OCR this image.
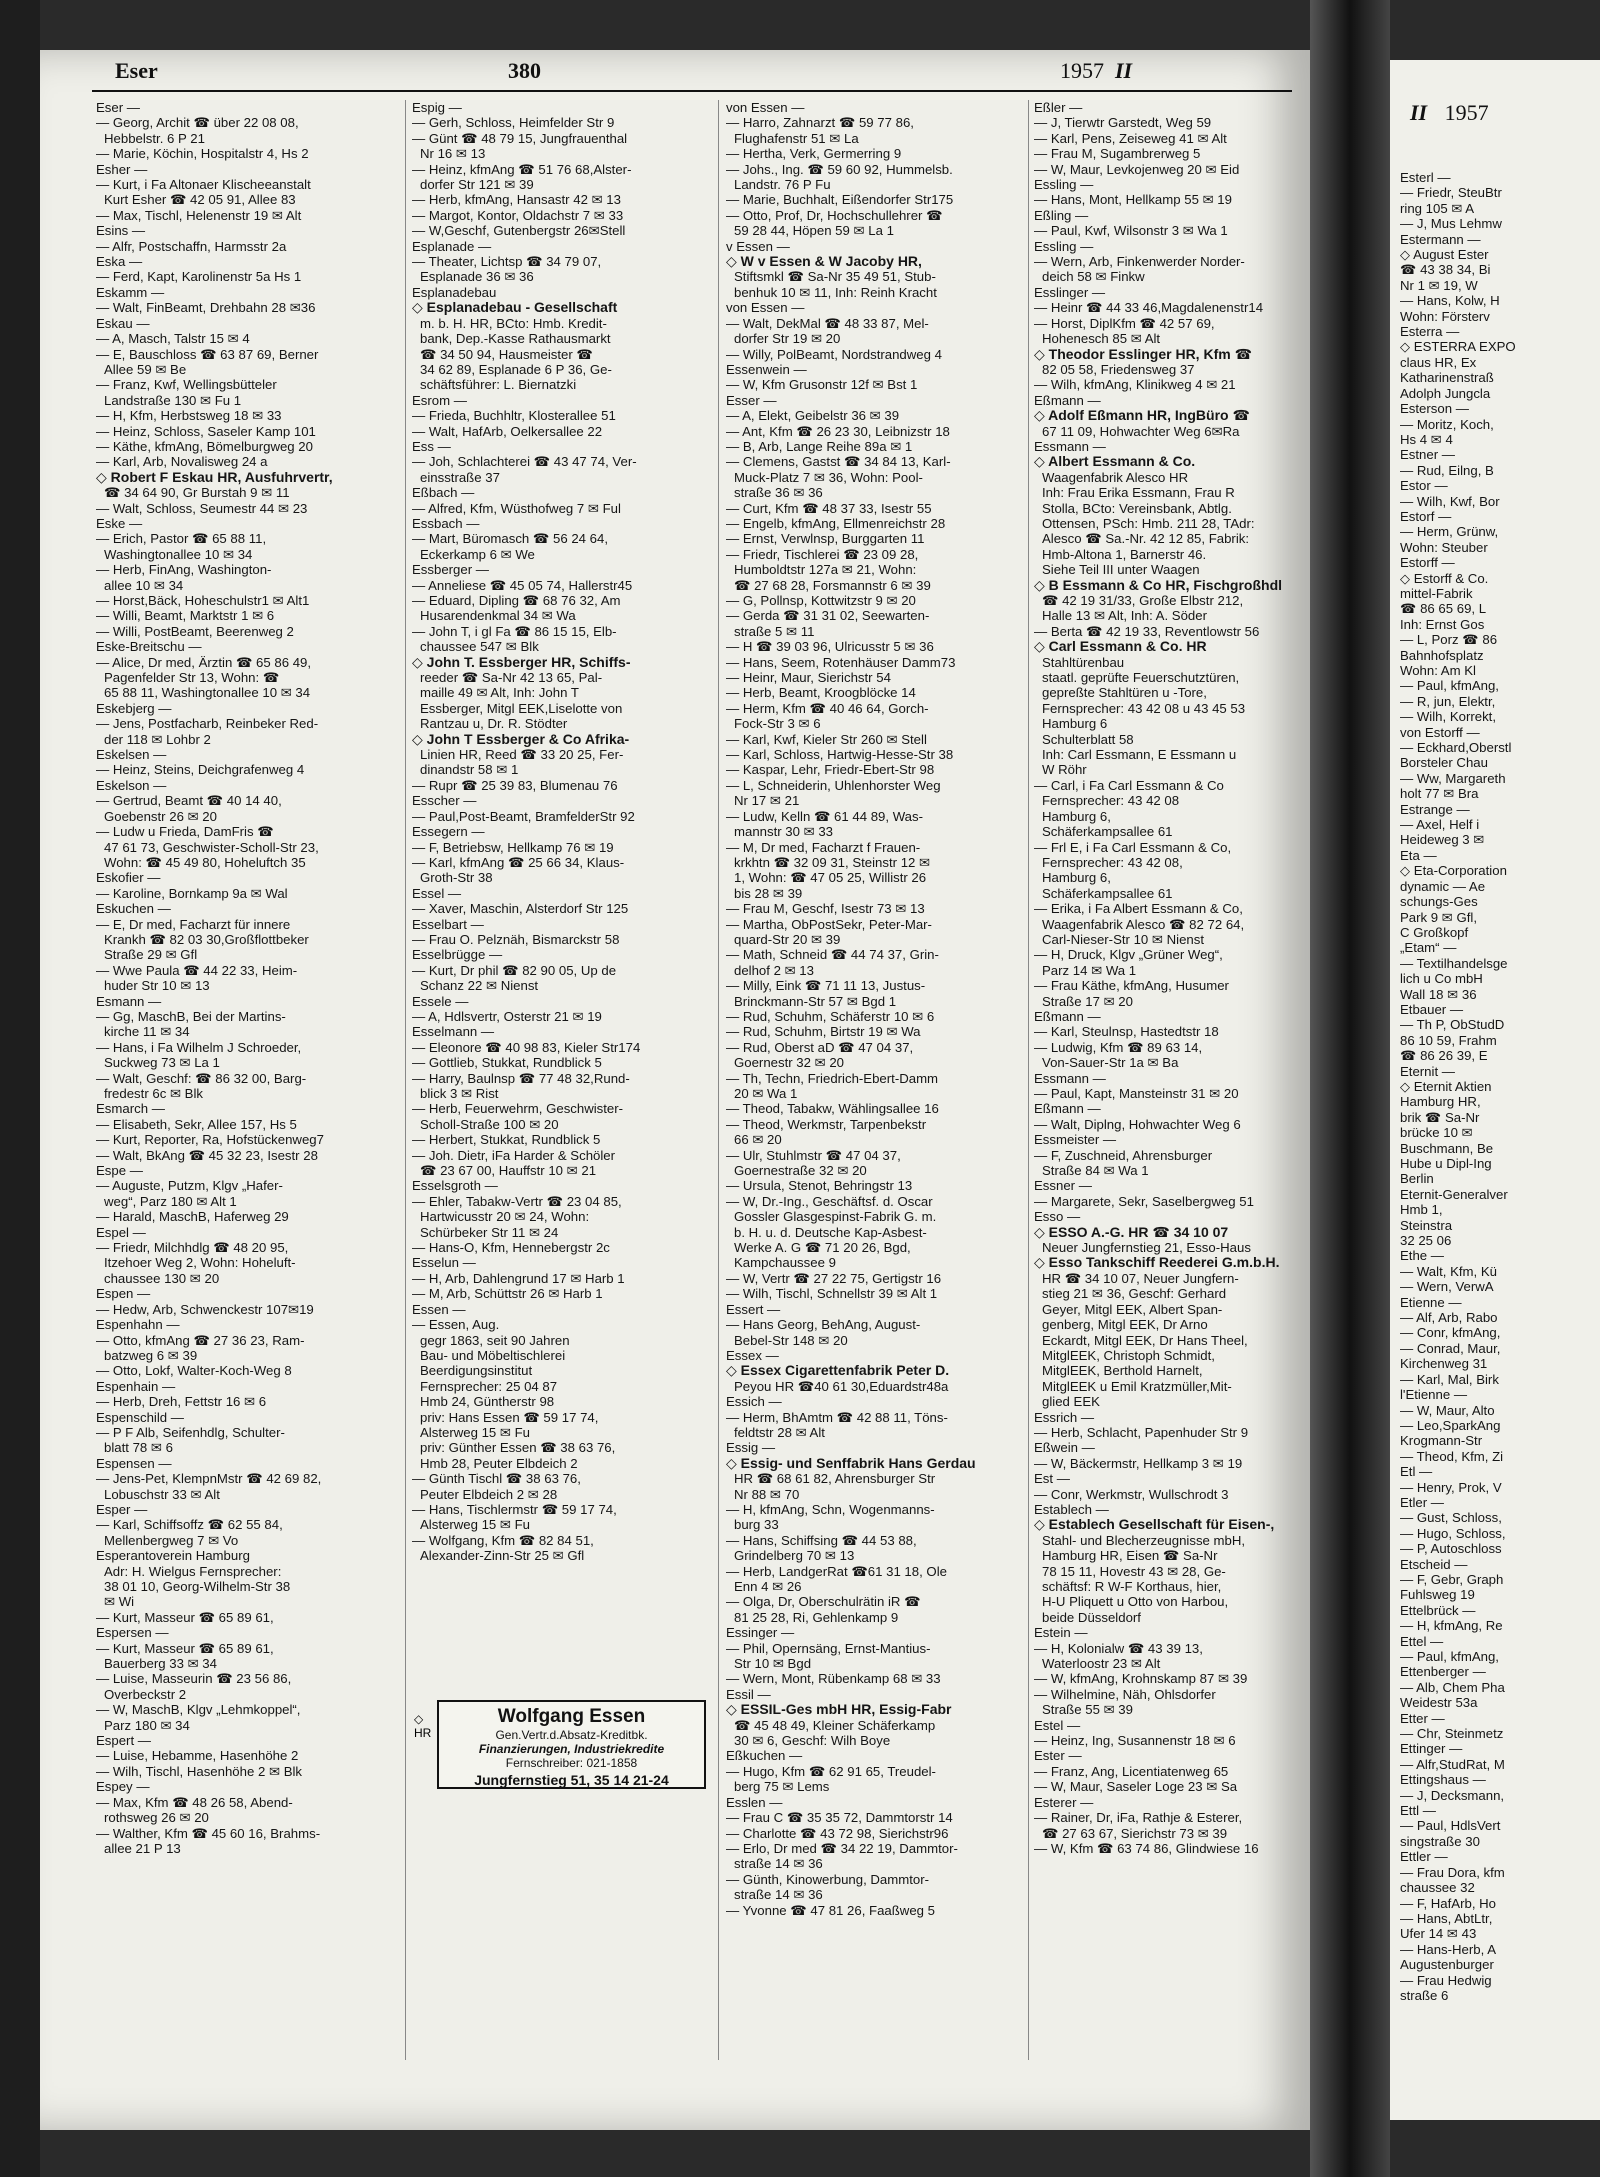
II 1957
Esterl —
— Friedr, SteuBtr
ring 105 ✉ A
— J, Mus Lehmw
Estermann —
◇ August Ester
☎ 43 38 34, Bi
Nr 1 ✉ 19, W
— Hans, Kolw, H
Wohn: Försterv
Esterra —
◇ ESTERRA EXPO
claus HR, Ex
Katharinenstraß
Adolph Jungcla
Esterson —
— Moritz, Koch,
Hs 4 ✉ 4
Estner —
— Rud, Eilng, B
Estor —
— Wilh, Kwf, Bor
Estorf —
— Herm, Grünw,
Wohn: Steuber
Estorff —
◇ Estorff & Co.
mittel-Fabrik
☎ 86 65 69, L
Inh: Ernst Gos
— L, Porz ☎ 86
Bahnhofsplatz
Wohn: Am Kl
— Paul, kfmAng,
— R, jun, Elektr,
— Wilh, Korrekt,
von Estorff —
— Eckhard,Oberstl
Borsteler Chau
— Ww, Margareth
holt 77 ✉ Bra
Estrange —
— Axel, Helf i
Heideweg 3 ✉
Eta —
◇ Eta-Corporation
dynamic — Ae
schungs-Ges
Park 9 ✉ Gfl,
C Großkopf
„Etam“ —
— Textilhandelsge
lich u Co mbH
Wall 18 ✉ 36
Etbauer —
— Th P, ObStudD
86 10 59, Frahm
☎ 86 26 39, E
Eternit —
◇ Eternit Aktien
Hamburg HR,
brik ☎ Sa-Nr
brücke 10 ✉
Buschmann, Be
Hube u Dipl-Ing
Berlin
Eternit-Generalver
Hmb 1,
Steinstra
32 25 06
Ethe —
— Walt, Kfm, Kü
— Wern, VerwA
Etienne —
— Alf, Arb, Rabo
— Conr, kfmAng,
— Conrad, Maur,
Kirchenweg 31
— Karl, Mal, Birk
l'Etienne —
— W, Maur, Alto
— Leo,SparkAng
Krogmann-Str
— Theod, Kfm, Zi
Etl —
— Henry, Prok, V
Etler —
— Gust, Schloss,
— Hugo, Schloss,
— P, Autoschloss
Etscheid —
— F, Gebr, Graph
Fuhlsweg 19
Ettelbrück —
— H, kfmAng, Re
Ettel —
— Paul, kfmAng,
Ettenberger —
— Alb, Chem Pha
Weidestr 53a
Etter —
— Chr, Steinmetz
Ettinger —
— Alfr,StudRat, M
Ettingshaus —
— J, Decksmann,
Ettl —
— Paul, HdlsVert
singstraße 30
Ettler —
— Frau Dora, kfm
chaussee 32
— F, HafArb, Ho
— Hans, AbtLtr,
Ufer 14 ✉ 43
— Hans-Herb, A
Augustenburger
— Frau Hedwig
straße 6
Eser	380	1957 II
Eser —
— Georg, Archit ☎ über 22 08 08,
Hebbelstr. 6 P 21
— Marie, Köchin, Hospitalstr 4, Hs 2
Esher —
— Kurt, i Fa Altonaer Klischeeanstalt
Kurt Esher ☎ 42 05 91, Allee 83
— Max, Tischl, Helenenstr 19 ✉ Alt
Esins —
— Alfr, Postschaffn, Harmsstr 2a
Eska —
— Ferd, Kapt, Karolinenstr 5a Hs 1
Eskamm —
— Walt, FinBeamt, Drehbahn 28 ✉36
Eskau —
— A, Masch, Talstr 15 ✉ 4
— E, Bauschloss ☎ 63 87 69, Berner
Allee 59 ✉ Be
— Franz, Kwf, Wellingsbütteler
Landstraße 130 ✉ Fu 1
— H, Kfm, Herbstsweg 18 ✉ 33
— Heinz, Schloss, Saseler Kamp 101
— Käthe, kfmAng, Bömelburgweg 20
— Karl, Arb, Novalisweg 24 a
◇ Robert F Eskau HR, Ausfuhrvertr,
☎ 34 64 90, Gr Burstah 9 ✉ 11
— Walt, Schloss, Seumestr 44 ✉ 23
Eske —
— Erich, Pastor ☎ 65 88 11,
Washingtonallee 10 ✉ 34
— Herb, FinAng, Washington-
allee 10 ✉ 34
— Horst,Bäck, Hoheschulstr1 ✉ Alt1
— Willi, Beamt, Marktstr 1 ✉ 6
— Willi, PostBeamt, Beerenweg 2
Eske-Breitschu —
— Alice, Dr med, Ärztin ☎ 65 86 49,
Pagenfelder Str 13, Wohn: ☎
65 88 11, Washingtonallee 10 ✉ 34
Eskebjerg —
— Jens, Postfacharb, Reinbeker Red-
der 118 ✉ Lohbr 2
Eskelsen —
— Heinz, Steins, Deichgrafenweg 4
Eskelson —
— Gertrud, Beamt ☎ 40 14 40,
Goebenstr 26 ✉ 20
— Ludw u Frieda, DamFris ☎
47 61 73, Geschwister-Scholl-Str 23,
Wohn: ☎ 45 49 80, Hoheluftch 35
Eskofier —
— Karoline, Bornkamp 9a ✉ Wal
Eskuchen —
— E, Dr med, Facharzt für innere
Krankh ☎ 82 03 30,Großflottbeker
Straße 29 ✉ Gfl
— Wwe Paula ☎ 44 22 33, Heim-
huder Str 10 ✉ 13
Esmann —
— Gg, MaschB, Bei der Martins-
kirche 11 ✉ 34
— Hans, i Fa Wilhelm J Schroeder,
Suckweg 73 ✉ La 1
— Walt, Geschf: ☎ 86 32 00, Barg-
fredestr 6c ✉ Blk
Esmarch —
— Elisabeth, Sekr, Allee 157, Hs 5
— Kurt, Reporter, Ra, Hofstückenweg7
— Walt, BkAng ☎ 45 32 23, Isestr 28
Espe —
— Auguste, Putzm, Klgv „Hafer-
weg“, Parz 180 ✉ Alt 1
— Harald, MaschB, Haferweg 29
Espel —
— Friedr, Milchhdlg ☎ 48 20 95,
Itzehoer Weg 2, Wohn: Hoheluft-
chaussee 130 ✉ 20
Espen —
— Hedw, Arb, Schwenckestr 107✉19
Espenhahn —
— Otto, kfmAng ☎ 27 36 23, Ram-
batzweg 6 ✉ 39
— Otto, Lokf, Walter-Koch-Weg 8
Espenhain —
— Herb, Dreh, Fettstr 16 ✉ 6
Espenschild —
— P F Alb, Seifenhdlg, Schulter-
blatt 78 ✉ 6
Espensen —
— Jens-Pet, KlempnMstr ☎ 42 69 82,
Lobuschstr 33 ✉ Alt
Esper —
— Karl, Schiffsoffz ☎ 62 55 84,
Mellenbergweg 7 ✉ Vo
Esperantoverein Hamburg
Adr: H. Wielgus Fernsprecher:
38 01 10, Georg-Wilhelm-Str 38
✉ Wi
— Kurt, Masseur ☎ 65 89 61,
Espersen —
— Kurt, Masseur ☎ 65 89 61,
Bauerberg 33 ✉ 34
— Luise, Masseurin ☎ 23 56 86,
Overbeckstr 2
— W, MaschB, Klgv „Lehmkoppel“,
Parz 180 ✉ 34
Espert —
— Luise, Hebamme, Hasenhöhe 2
— Wilh, Tischl, Hasenhöhe 2 ✉ Blk
Espey —
— Max, Kfm ☎ 48 26 58, Abend-
rothsweg 26 ✉ 20
— Walther, Kfm ☎ 45 60 16, Brahms-
allee 21 P 13
Espig —
— Gerh, Schloss, Heimfelder Str 9
— Günt ☎ 48 79 15, Jungfrauenthal
Nr 16 ✉ 13
— Heinz, kfmAng ☎ 51 76 68,Alster-
dorfer Str 121 ✉ 39
— Herb, kfmAng, Hansastr 42 ✉ 13
— Margot, Kontor, Oldachstr 7 ✉ 33
— W,Geschf, Gutenbergstr 26✉Stell
Esplanade —
— Theater, Lichtsp ☎ 34 79 07,
Esplanade 36 ✉ 36
Esplanadebau
◇ Esplanadebau - Gesellschaft
m. b. H. HR, BCto: Hmb. Kredit-
bank, Dep.-Kasse Rathausmarkt
☎ 34 50 94, Hausmeister ☎
34 62 89, Esplanade 6 P 36, Ge-
schäftsführer: L. Biernatzki
Esrom —
— Frieda, Buchhltr, Klosterallee 51
— Walt, HafArb, Oelkersallee 22
Ess —
— Joh, Schlachterei ☎ 43 47 74, Ver-
einsstraße 37
Eßbach —
— Alfred, Kfm, Wüsthofweg 7 ✉ Ful
Essbach —
— Mart, Büromasch ☎ 56 24 64,
Eckerkamp 6 ✉ We
Essberger —
— Anneliese ☎ 45 05 74, Hallerstr45
— Eduard, Dipling ☎ 68 76 32, Am
Husarendenkmal 34 ✉ Wa
— John T, i gl Fa ☎ 86 15 15, Elb-
chaussee 547 ✉ Blk
◇ John T. Essberger HR, Schiffs-
reeder ☎ Sa-Nr 42 13 65, Pal-
maille 49 ✉ Alt, Inh: John T
Essberger, Mitgl EEK,Liselotte von
Rantzau u, Dr. R. Stödter
◇ John T Essberger & Co Afrika-
Linien HR, Reed ☎ 33 20 25, Fer-
dinandstr 58 ✉ 1
— Rupr ☎ 25 39 83, Blumenau 76
Esscher —
— Paul,Post-Beamt, BramfelderStr 92
Essegern —
— F, Betriebsw, Hellkamp 76 ✉ 19
— Karl, kfmAng ☎ 25 66 34, Klaus-
Groth-Str 38
Essel —
— Xaver, Maschin, Alsterdorf Str 125
Esselbart —
— Frau O. Pelznäh, Bismarckstr 58
Esselbrügge —
— Kurt, Dr phil ☎ 82 90 05, Up de
Schanz 22 ✉ Nienst
Essele —
— A, Hdlsvertr, Osterstr 21 ✉ 19
Esselmann —
— Eleonore ☎ 40 98 83, Kieler Str174
— Gottlieb, Stukkat, Rundblick 5
— Harry, Baulnsp ☎ 77 48 32,Rund-
blick 3 ✉ Rist
— Herb, Feuerwehrm, Geschwister-
Scholl-Straße 100 ✉ 20
— Herbert, Stukkat, Rundblick 5
— Joh. Dietr, iFa Harder & Schöler
☎ 23 67 00, Hauffstr 10 ✉ 21
Esselsgroth —
— Ehler, Tabakw-Vertr ☎ 23 04 85,
Hartwicusstr 20 ✉ 24, Wohn:
Schürbeker Str 11 ✉ 24
— Hans-O, Kfm, Hennebergstr 2c
Esselun —
— H, Arb, Dahlengrund 17 ✉ Harb 1
— M, Arb, Schüttstr 26 ✉ Harb 1
Essen —
— Essen, Aug.
gegr 1863, seit 90 Jahren
Bau- und Möbeltischlerei
Beerdigungsinstitut
Fernsprecher: 25 04 87
Hmb 24, Güntherstr 98
priv: Hans Essen ☎ 59 17 74,
Alsterweg 15 ✉ Fu
priv: Günther Essen ☎ 38 63 76,
Hmb 28, Peuter Elbdeich 2
— Günth Tischl ☎ 38 63 76,
Peuter Elbdeich 2 ✉ 28
— Hans, Tischlermstr ☎ 59 17 74,
Alsterweg 15 ✉ Fu
— Wolfgang, Kfm ☎ 82 84 51,
Alexander-Zinn-Str 25 ✉ Gfl
von Essen —
— Harro, Zahnarzt ☎ 59 77 86,
Flughafenstr 51 ✉ La
— Hertha, Verk, Germerring 9
— Johs., Ing. ☎ 59 60 92, Hummelsb.
Landstr. 76 P Fu
— Marie, Buchhalt, Eißendorfer Str175
— Otto, Prof, Dr, Hochschullehrer ☎
59 28 44, Höpen 59 ✉ La 1
v Essen —
◇ W v Essen & W Jacoby HR,
Stiftsmkl ☎ Sa-Nr 35 49 51, Stub-
benhuk 10 ✉ 11, Inh: Reinh Kracht
von Essen —
— Walt, DekMal ☎ 48 33 87, Mel-
dorfer Str 19 ✉ 20
— Willy, PolBeamt, Nordstrandweg 4
Essenwein —
— W, Kfm Grusonstr 12f ✉ Bst 1
Esser —
— A, Elekt, Geibelstr 36 ✉ 39
— Ant, Kfm ☎ 26 23 30, Leibnizstr 18
— B, Arb, Lange Reihe 89a ✉ 1
— Clemens, Gastst ☎ 34 84 13, Karl-
Muck-Platz 7 ✉ 36, Wohn: Pool-
straße 36 ✉ 36
— Curt, Kfm ☎ 48 37 33, Isestr 55
— Engelb, kfmAng, Ellmenreichstr 28
— Ernst, Verwlnsp, Burggarten 11
— Friedr, Tischlerei ☎ 23 09 28,
Humboldtstr 127a ✉ 21, Wohn:
☎ 27 68 28, Forsmannstr 6 ✉ 39
— G, Pollnsp, Kottwitzstr 9 ✉ 20
— Gerda ☎ 31 31 02, Seewarten-
straße 5 ✉ 11
— H ☎ 39 03 96, Ulricusstr 5 ✉ 36
— Hans, Seem, Rotenhäuser Damm73
— Heinr, Maur, Sierichstr 54
— Herb, Beamt, Kroogblöcke 14
— Herm, Kfm ☎ 40 46 64, Gorch-
Fock-Str 3 ✉ 6
— Karl, Kwf, Kieler Str 260 ✉ Stell
— Karl, Schloss, Hartwig-Hesse-Str 38
— Kaspar, Lehr, Friedr-Ebert-Str 98
— L, Schneiderin, Uhlenhorster Weg
Nr 17 ✉ 21
— Ludw, Kelln ☎ 61 44 89, Was-
mannstr 30 ✉ 33
— M, Dr med, Facharzt f Frauen-
krkhtn ☎ 32 09 31, Steinstr 12 ✉
1, Wohn: ☎ 47 05 25, Willistr 26
bis 28 ✉ 39
— Frau M, Geschf, Isestr 73 ✉ 13
— Martha, ObPostSekr, Peter-Mar-
quard-Str 20 ✉ 39
— Math, Schneid ☎ 44 74 37, Grin-
delhof 2 ✉ 13
— Milly, Eink ☎ 71 11 13, Justus-
Brinckmann-Str 57 ✉ Bgd 1
— Rud, Schuhm, Schäferstr 10 ✉ 6
— Rud, Schuhm, Birtstr 19 ✉ Wa
— Rud, Oberst aD ☎ 47 04 37,
Goernestr 32 ✉ 20
— Th, Techn, Friedrich-Ebert-Damm
20 ✉ Wa 1
— Theod, Tabakw, Wählingsallee 16
— Theod, Werkmstr, Tarpenbekstr
66 ✉ 20
— Ulr, Stuhlmstr ☎ 47 04 37,
Goernestraße 32 ✉ 20
— Ursula, Stenot, Behringstr 13
— W, Dr.-Ing., Geschäftsf. d. Oscar
Gossler Glasgespinst-Fabrik G. m.
b. H. u. d. Deutsche Kap-Asbest-
Werke A. G ☎ 71 20 26, Bgd,
Kampchaussee 9
— W, Vertr ☎ 27 22 75, Gertigstr 16
— Wilh, Tischl, Schnellstr 39 ✉ Alt 1
Essert —
— Hans Georg, BehAng, August-
Bebel-Str 148 ✉ 20
Essex —
◇ Essex Cigarettenfabrik Peter D.
Peyou HR ☎40 61 30,Eduardstr48a
Essich —
— Herm, BhAmtm ☎ 42 88 11, Töns-
feldtstr 28 ✉ Alt
Essig —
◇ Essig- und Senffabrik Hans Gerdau
HR ☎ 68 61 82, Ahrensburger Str
Nr 88 ✉ 70
— H, kfmAng, Schn, Wogenmanns-
burg 33
— Hans, Schiffsing ☎ 44 53 88,
Grindelberg 70 ✉ 13
— Herb, LandgerRat ☎61 31 18, Ole
Enn 4 ✉ 26
— Olga, Dr, Oberschulrätin iR ☎
81 25 28, Ri, Gehlenkamp 9
Essinger —
— Phil, Opernsäng, Ernst-Mantius-
Str 10 ✉ Bgd
— Wern, Mont, Rübenkamp 68 ✉ 33
Essil —
◇ ESSIL-Ges mbH HR, Essig-Fabr
☎ 45 48 49, Kleiner Schäferkamp
30 ✉ 6, Geschf: Wilh Boye
Eßkuchen —
— Hugo, Kfm ☎ 62 91 65, Treudel-
berg 75 ✉ Lems
Esslen —
— Frau C ☎ 35 35 72, Dammtorstr 14
— Charlotte ☎ 43 72 98, Sierichstr96
— Erlo, Dr med ☎ 34 22 19, Dammtor-
straße 14 ✉ 36
— Günth, Kinowerbung, Dammtor-
straße 14 ✉ 36
— Yvonne ☎ 47 81 26, Faaßweg 5
Eßler —
— J, Tierwtr Garstedt, Weg 59
— Karl, Pens, Zeiseweg 41 ✉ Alt
— Frau M, Sugambrerweg 5
— W, Maur, Levkojenweg 20 ✉ Eid
Essling —
— Hans, Mont, Hellkamp 55 ✉ 19
Eßling —
— Paul, Kwf, Wilsonstr 3 ✉ Wa 1
Essling —
— Wern, Arb, Finkenwerder Norder-
deich 58 ✉ Finkw
Esslinger —
— Heinr ☎ 44 33 46,Magdalenenstr14
— Horst, DiplKfm ☎ 42 57 69,
Hohenesch 85 ✉ Alt
◇ Theodor Esslinger HR, Kfm ☎
82 05 58, Friedensweg 37
— Wilh, kfmAng, Klinikweg 4 ✉ 21
Eßmann —
◇ Adolf Eßmann HR, IngBüro ☎
67 11 09, Hohwachter Weg 6✉Ra
Essmann —
◇ Albert Essmann & Co.
Waagenfabrik Alesco HR
Inh: Frau Erika Essmann, Frau R
Stolla, BCto: Vereinsbank, Abtlg.
Ottensen, PSch: Hmb. 211 28, TAdr:
Alesco ☎ Sa.-Nr. 42 12 85, Fabrik:
Hmb-Altona 1, Barnerstr 46.
Siehe Teil III unter Waagen
◇ B Essmann & Co HR, Fischgroßhdl
☎ 42 19 31/33, Große Elbstr 212,
Halle 13 ✉ Alt, Inh: A. Söder
— Berta ☎ 42 19 33, Reventlowstr 56
◇ Carl Essmann & Co. HR
Stahltürenbau
staatl. geprüfte Feuerschutztüren,
gepreßte Stahltüren u -Tore,
Fernsprecher: 43 42 08 u 43 45 53
Hamburg 6
Schulterblatt 58
Inh: Carl Essmann, E Essmann u
W Röhr
— Carl, i Fa Carl Essmann & Co
Fernsprecher: 43 42 08
Hamburg 6,
Schäferkampsallee 61
— Frl E, i Fa Carl Essmann & Co,
Fernsprecher: 43 42 08,
Hamburg 6,
Schäferkampsallee 61
— Erika, i Fa Albert Essmann & Co,
Waagenfabrik Alesco ☎ 82 72 64,
Carl-Nieser-Str 10 ✉ Nienst
— H, Druck, Klgv „Grüner Weg“,
Parz 14 ✉ Wa 1
— Frau Käthe, kfmAng, Husumer
Straße 17 ✉ 20
Eßmann —
— Karl, Steulnsp, Hastedtstr 18
— Ludwig, Kfm ☎ 89 63 14,
Von-Sauer-Str 1a ✉ Ba
Essmann —
— Paul, Kapt, Mansteinstr 31 ✉ 20
Eßmann —
— Walt, Diplng, Hohwachter Weg 6
Essmeister —
— F, Zuschneid, Ahrensburger
Straße 84 ✉ Wa 1
Essner —
— Margarete, Sekr, Saselbergweg 51
Esso —
◇ ESSO A.-G. HR ☎ 34 10 07
Neuer Jungfernstieg 21, Esso-Haus
◇ Esso Tankschiff Reederei G.m.b.H.
HR ☎ 34 10 07, Neuer Jungfern-
stieg 21 ✉ 36, Geschf: Gerhard
Geyer, Mitgl EEK, Albert Span-
genberg, Mitgl EEK, Dr Arno
Eckardt, Mitgl EEK, Dr Hans Theel,
MitglEEK, Christoph Schmidt,
MitglEEK, Berthold Harnelt,
MitglEEK u Emil Kratzmüller,Mit-
glied EEK
Essrich —
— Herb, Schlacht, Papenhuder Str 9
Eßwein —
— W, Bäckermstr, Hellkamp 3 ✉ 19
Est —
— Conr, Werkmstr, Wullschrodt 3
Establech —
◇ Establech Gesellschaft für Eisen-,
Stahl- und Blecherzeugnisse mbH,
Hamburg HR, Eisen ☎ Sa-Nr
78 15 11, Hovestr 43 ✉ 28, Ge-
schäftsf: R W-F Korthaus, hier,
H-U Pliquett u Otto von Harbou,
beide Düsseldorf
Estein —
— H, Kolonialw ☎ 43 39 13,
Waterloostr 23 ✉ Alt
— W, kfmAng, Krohnskamp 87 ✉ 39
— Wilhelmine, Näh, Ohlsdorfer
Straße 55 ✉ 39
Estel —
— Heinz, Ing, Susannenstr 18 ✉ 6
Ester —
— Franz, Ang, Licentiatenweg 65
— W, Maur, Saseler Loge 23 ✉ Sa
Esterer —
— Rainer, Dr, iFa, Rathje & Esterer,
☎ 27 63 67, Sierichstr 73 ✉ 39
— W, Kfm ☎ 63 74 86, Glindwiese 16
Wolfgang Essen
Gen.Vertr.d.Absatz-Kreditbk.
Finanzierungen, Industriekredite
Fernschreiber: 021-1858
Jungfernstieg 51, 35 14 21-24
◇
HR
